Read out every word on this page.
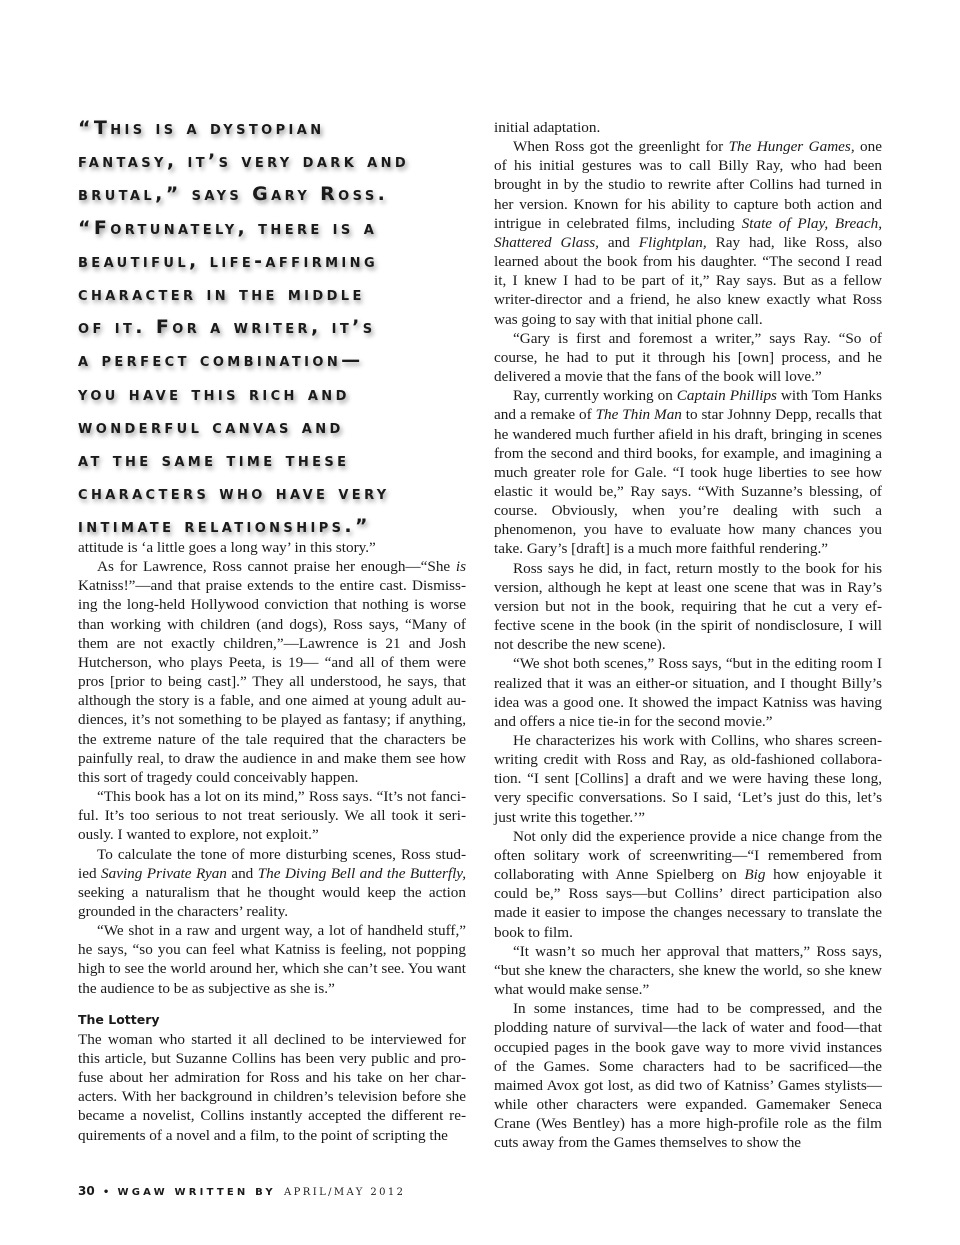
“This is a dystopian
fantasy, it’s very dark and
brutal,” says Gary Ross.
“Fortunately, there is a
beautiful, life-affirming
character in the middle
of it. For a writer, it’s
a perfect combination—
you have this rich and
wonderful canvas and
at the same time these
characters who have very
intimate relationships.”

attitude is ‘a little goes a long way’ in this story.”

As for Lawrence, Ross cannot praise her enough—“She is Katniss!”—and that praise extends to the entire cast. Dismissing the long-held Hollywood conviction that nothing is worse than working with children (and dogs), Ross says, “Many of them are not exactly children,”—Lawrence is 21 and Josh Hutcherson, who plays Peeta, is 19— “and all of them were pros [prior to being cast].” They all understood, he says, that although the story is a fable, and one aimed at young adult audiences, it’s not something to be played as fantasy; if anything, the extreme nature of the tale required that the characters be painfully real, to draw the audience in and make them see how this sort of tragedy could conceivably happen.

“This book has a lot on its mind,” Ross says. “It’s not fanciful. It’s too serious to not treat seriously. We all took it seriously. I wanted to explore, not exploit.”

To calculate the tone of more disturbing scenes, Ross studied Saving Private Ryan and The Diving Bell and the Butterfly, seeking a naturalism that he thought would keep the action grounded in the characters’ reality.

“We shot in a raw and urgent way, a lot of handheld stuff,” he says, “so you can feel what Katniss is feeling, not popping high to see the world around her, which she can’t see. You want the audience to be as subjective as she is.”

The Lottery

The woman who started it all declined to be interviewed for this article, but Suzanne Collins has been very public and profuse about her admiration for Ross and his take on her characters. With her background in children’s television before she became a novelist, Collins instantly accepted the different requirements of a novel and a film, to the point of scripting the

initial adaptation.

When Ross got the greenlight for The Hunger Games, one of his initial gestures was to call Billy Ray, who had been brought in by the studio to rewrite after Collins had turned in her version. Known for his ability to capture both action and intrigue in celebrated films, including State of Play, Breach, Shattered Glass, and Flightplan, Ray had, like Ross, also learned about the book from his daughter. “The second I read it, I knew I had to be part of it,” Ray says. But as a fellow writer-director and a friend, he also knew exactly what Ross was going to say with that initial phone call.

“Gary is first and foremost a writer,” says Ray. “So of course, he had to put it through his [own] process, and he delivered a movie that the fans of the book will love.”

Ray, currently working on Captain Phillips with Tom Hanks and a remake of The Thin Man to star Johnny Depp, recalls that he wandered much further afield in his draft, bringing in scenes from the second and third books, for example, and imagining a much greater role for Gale. “I took huge liberties to see how elastic it would be,” Ray says. “With Suzanne’s blessing, of course. Obviously, when you’re dealing with such a phenomenon, you have to evaluate how many chances you take. Gary’s [draft] is a much more faithful rendering.”

Ross says he did, in fact, return mostly to the book for his version, although he kept at least one scene that was in Ray’s version but not in the book, requiring that he cut a very effective scene in the book (in the spirit of nondisclosure, I will not describe the new scene).

“We shot both scenes,” Ross says, “but in the editing room I realized that it was an either-or situation, and I thought Billy’s idea was a good one. It showed the impact Katniss was having and offers a nice tie-in for the second movie.”

He characterizes his work with Collins, who shares screenwriting credit with Ross and Ray, as old-fashioned collaboration. “I sent [Collins] a draft and we were having these long, very specific conversations. So I said, ‘Let’s just do this, let’s just write this together.’”

Not only did the experience provide a nice change from the often solitary work of screenwriting—“I remembered from collaborating with Anne Spielberg on Big how enjoyable it could be,” Ross says—but Collins’ direct participation also made it easier to impose the changes necessary to translate the book to film.

“It wasn’t so much her approval that matters,” Ross says, “but she knew the characters, she knew the world, so she knew what would make sense.”

In some instances, time had to be compressed, and the plodding nature of survival—the lack of water and food—that occupied pages in the book gave way to more vivid instances of the Games. Some characters had to be sacrificed—the maimed Avox got lost, as did two of Katniss’ Games stylists—while other characters were expanded. Gamemaker Seneca Crane (Wes Bentley) has a more high-profile role as the film cuts away from the Games themselves to show the

30 • WGAW WRITTEN BY APRIL/MAY 2012
